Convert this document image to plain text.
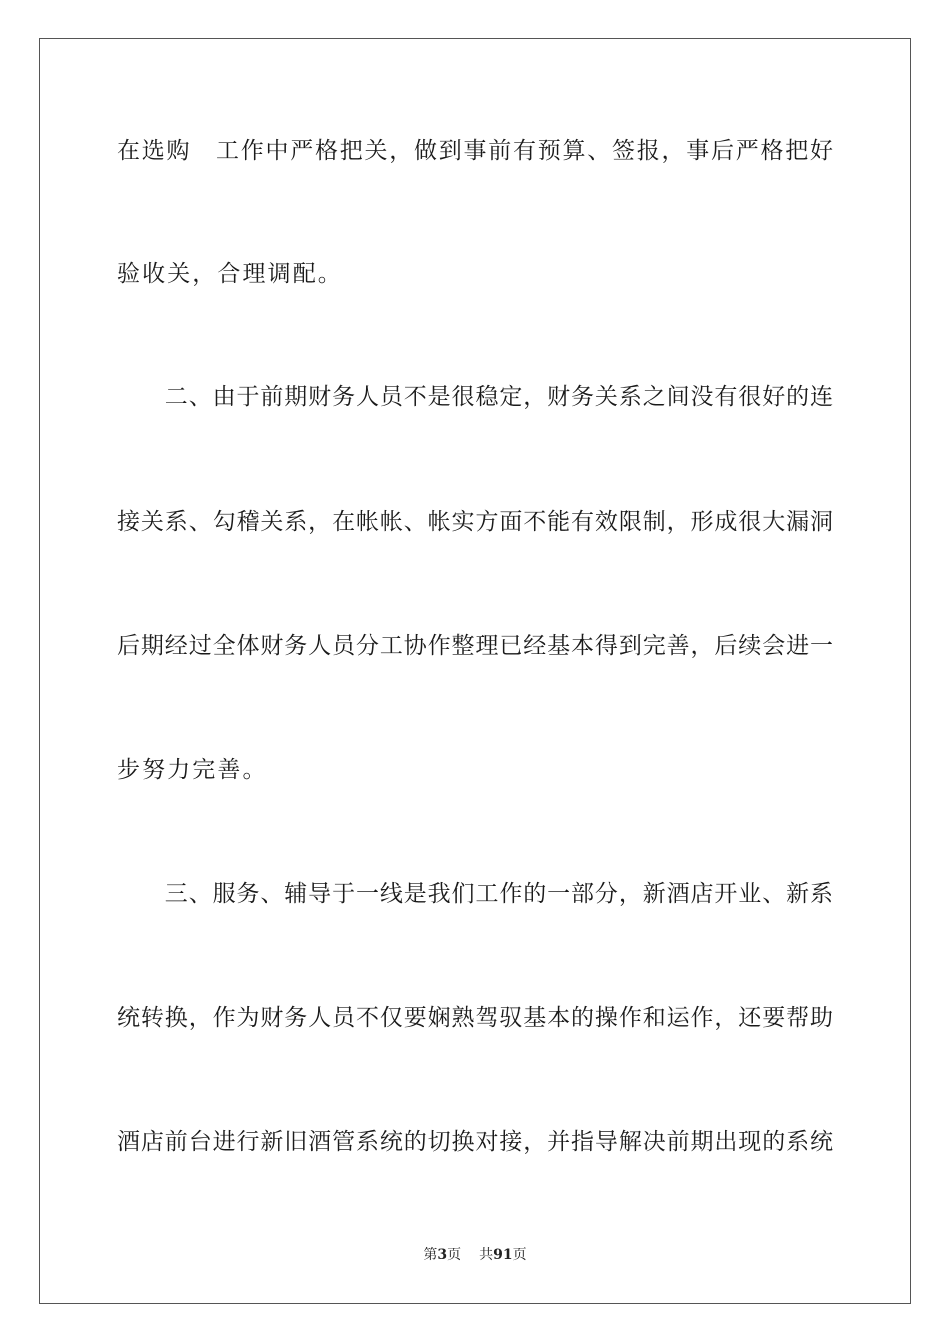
在选购　工作中严格把关，做到事前有预算、签报，事后严格把好
验收关，合理调配。
　　二、由于前期财务人员不是很稳定，财务关系之间没有很好的连
接关系、勾稽关系，在帐帐、帐实方面不能有效限制，形成很大漏洞
后期经过全体财务人员分工协作整理已经基本得到完善，后续会进一
步努力完善。
　　三、服务、辅导于一线是我们工作的一部分，新酒店开业、新系
统转换，作为财务人员不仅要娴熟驾驭基本的操作和运作，还要帮助
酒店前台进行新旧酒管系统的切换对接，并指导解决前期出现的系统
第3页 共91页
